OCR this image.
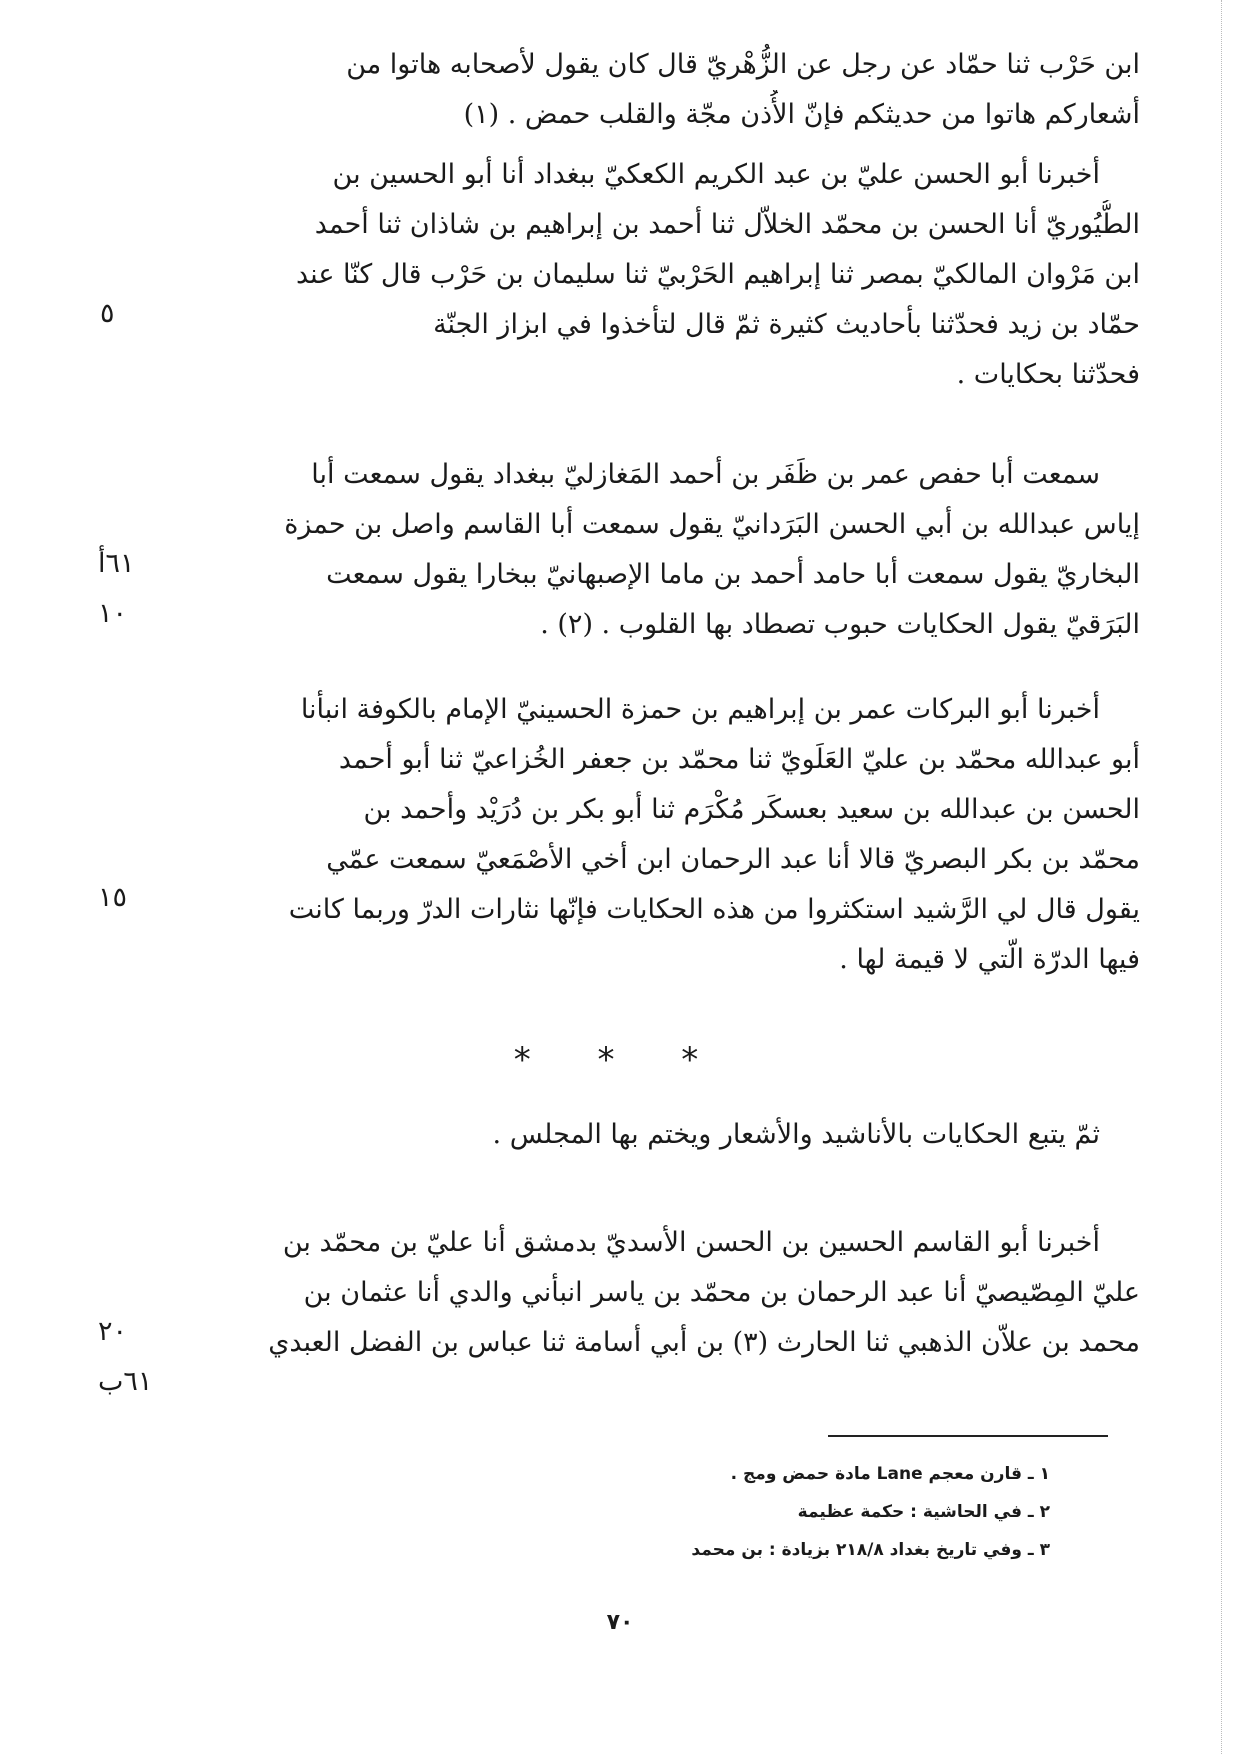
ابن حَرْب ثنا حمّاد عن رجل عن الزُّهْريّ قال كان يقول لأصحابه هاتوا من
أشعاركم هاتوا من حديثكم فإنّ الأُذن مجّة والقلب حمض . (١)
أخبرنا أبو الحسن عليّ بن عبد الكريم الكعكيّ ببغداد أنا أبو الحسين بن
الطُّيُوريّ أنا الحسن بن محمّد الخلاّل ثنا أحمد بن إبراهيم بن شاذان ثنا أحمد
ابن مَرْوان المالكيّ بمصر ثنا إبراهيم الحَرْبيّ ثنا سليمان بن حَرْب قال كنّا عند
حمّاد بن زيد فحدّثنا بأحاديث كثيرة ثمّ قال لتأخذوا في ابزاز الجنّة
فحدّثنا بحكايات .
سمعت أبا حفص عمر بن ظَفَر بن أحمد المَغازليّ ببغداد يقول سمعت أبا
إياس عبدالله بن أبي الحسن البَرَدانيّ يقول سمعت أبا القاسم واصل بن حمزة
البخاريّ يقول سمعت أبا حامد أحمد بن ماما الإصبهانيّ ببخارا يقول سمعت
البَرَقيّ يقول الحكايات حبوب تصطاد بها القلوب . (٢) .
أخبرنا أبو البركات عمر بن إبراهيم بن حمزة الحسينيّ الإمام بالكوفة انبأنا
أبو عبدالله محمّد بن عليّ العَلَويّ ثنا محمّد بن جعفر الخُزاعيّ ثنا أبو أحمد
الحسن بن عبدالله بن سعيد بعسكَر مُكْرَم ثنا أبو بكر بن دُرَيْد وأحمد بن
محمّد بن بكر البصريّ قالا أنا عبد الرحمان ابن أخي الأصْمَعيّ سمعت عمّي
يقول قال لي الرَّشيد استكثروا من هذه الحكايات فإنّها نثارات الدرّ وربما كانت
فيها الدرّة الّتي لا قيمة لها .
* * *
ثمّ يتبع الحكايات بالأناشيد والأشعار ويختم بها المجلس .
أخبرنا أبو القاسم الحسين بن الحسن الأسديّ بدمشق أنا عليّ بن محمّد بن
عليّ المِصّيصيّ أنا عبد الرحمان بن محمّد بن ياسر انبأني والدي أنا عثمان بن
محمد بن علاّن الذهبي ثنا الحارث (٣) بن أبي أسامة ثنا عباس بن الفضل العبدي
٥
٦١أ
١٠
١٥
٢٠
٦١ب
١ ـ قارن معجم Lane مادة حمض ومج .
٢ ـ في الحاشية : حكمة عظيمة
٣ ـ وفي تاريخ بغداد ٢١٨/٨ بزيادة : بن محمد
٧٠
